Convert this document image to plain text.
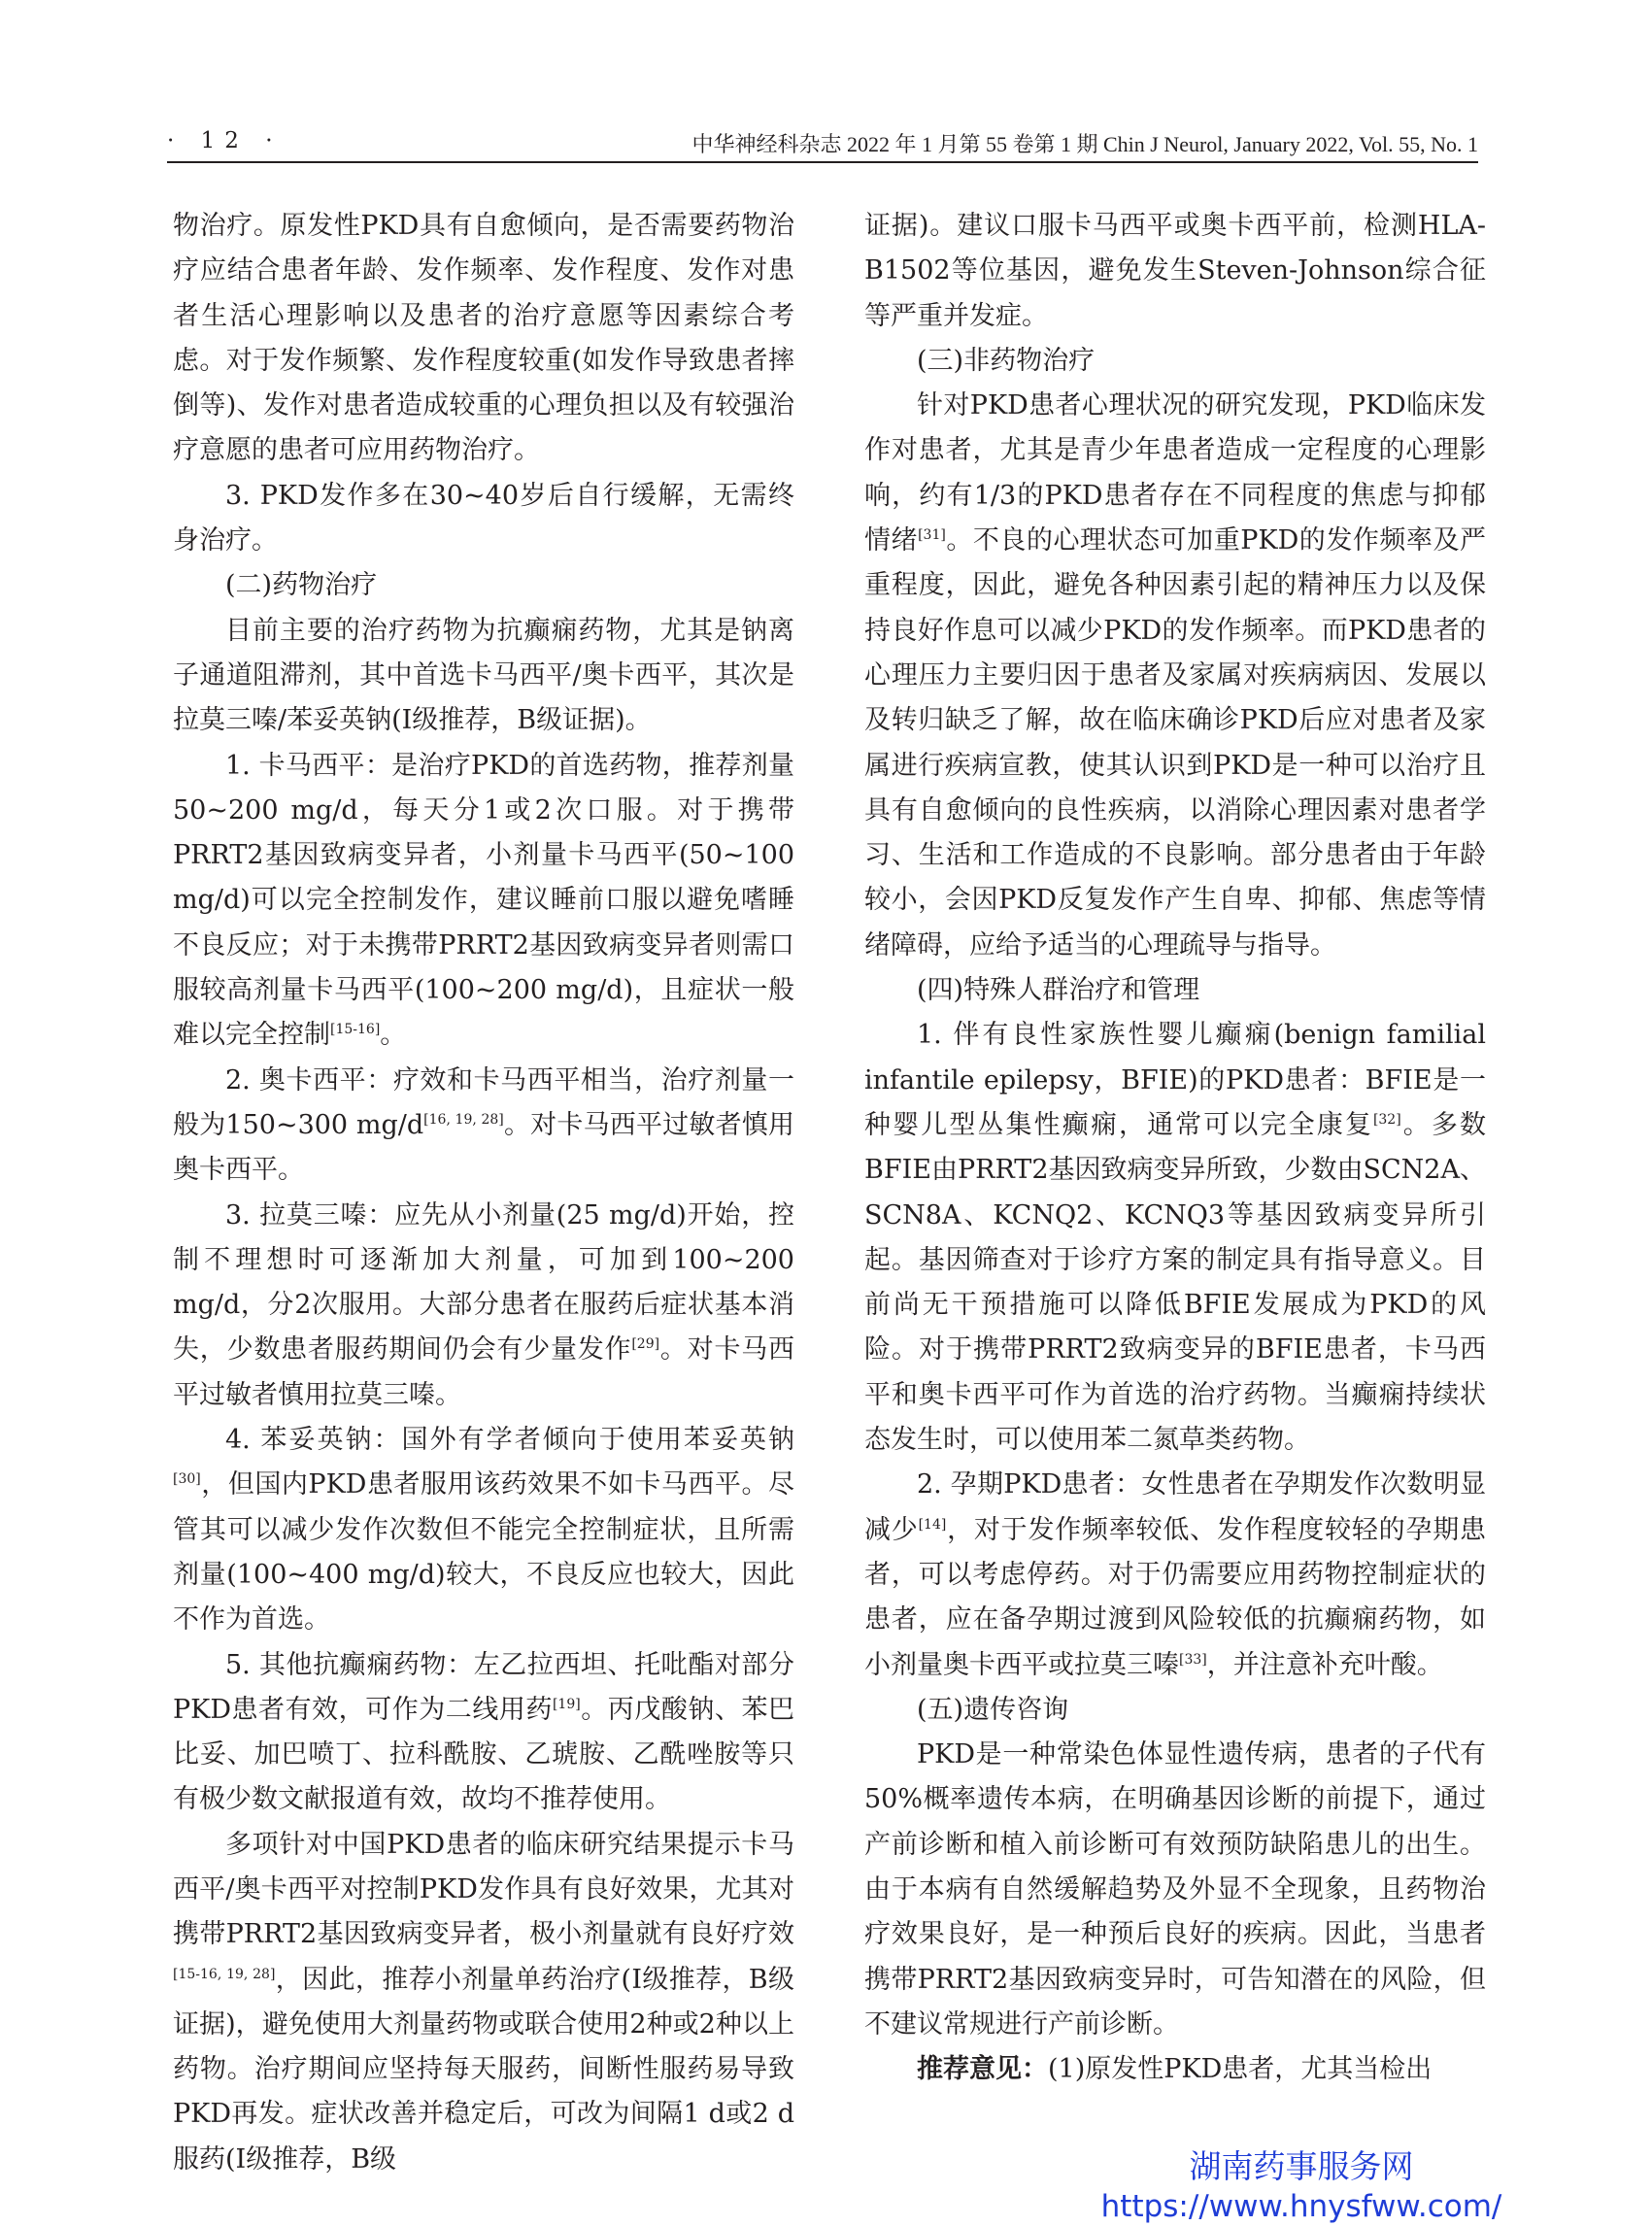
· 12 ·	中华神经科杂志 2022 年 1 月第 55 卷第 1 期 Chin J Neurol, January 2022, Vol. 55, No. 1

物治疗。原发性PKD具有自愈倾向，是否需要药物治疗应结合患者年龄、发作频率、发作程度、发作对患者生活心理影响以及患者的治疗意愿等因素综合考虑。对于发作频繁、发作程度较重(如发作导致患者摔倒等)、发作对患者造成较重的心理负担以及有较强治疗意愿的患者可应用药物治疗。

3. PKD发作多在30~40岁后自行缓解，无需终身治疗。

(二)药物治疗

目前主要的治疗药物为抗癫痫药物，尤其是钠离子通道阻滞剂，其中首选卡马西平/奥卡西平，其次是拉莫三嗪/苯妥英钠(Ⅰ级推荐，B级证据)。

1. 卡马西平：是治疗PKD的首选药物，推荐剂量50~200 mg/d，每天分1或2次口服。对于携带PRRT2基因致病变异者，小剂量卡马西平(50~100 mg/d)可以完全控制发作，建议睡前口服以避免嗜睡不良反应；对于未携带PRRT2基因致病变异者则需口服较高剂量卡马西平(100~200 mg/d)，且症状一般难以完全控制[15-16]。

2. 奥卡西平：疗效和卡马西平相当，治疗剂量一般为150~300 mg/d[16, 19, 28]。对卡马西平过敏者慎用奥卡西平。

3. 拉莫三嗪：应先从小剂量(25 mg/d)开始，控制不理想时可逐渐加大剂量，可加到100~200 mg/d，分2次服用。大部分患者在服药后症状基本消失，少数患者服药期间仍会有少量发作[29]。对卡马西平过敏者慎用拉莫三嗪。

4. 苯妥英钠：国外有学者倾向于使用苯妥英钠[30]，但国内PKD患者服用该药效果不如卡马西平。尽管其可以减少发作次数但不能完全控制症状，且所需剂量(100~400 mg/d)较大，不良反应也较大，因此不作为首选。

5. 其他抗癫痫药物：左乙拉西坦、托吡酯对部分PKD患者有效，可作为二线用药[19]。丙戊酸钠、苯巴比妥、加巴喷丁、拉科酰胺、乙琥胺、乙酰唑胺等只有极少数文献报道有效，故均不推荐使用。

多项针对中国PKD患者的临床研究结果提示卡马西平/奥卡西平对控制PKD发作具有良好效果，尤其对携带PRRT2基因致病变异者，极小剂量就有良好疗效[15-16, 19, 28]，因此，推荐小剂量单药治疗(Ⅰ级推荐，B级证据)，避免使用大剂量药物或联合使用2种或2种以上药物。治疗期间应坚持每天服药，间断性服药易导致PKD再发。症状改善并稳定后，可改为间隔1 d或2 d服药(Ⅰ级推荐，B级

证据)。建议口服卡马西平或奥卡西平前，检测HLA-B1502等位基因，避免发生Steven-Johnson综合征等严重并发症。

(三)非药物治疗

针对PKD患者心理状况的研究发现，PKD临床发作对患者，尤其是青少年患者造成一定程度的心理影响，约有1/3的PKD患者存在不同程度的焦虑与抑郁情绪[31]。不良的心理状态可加重PKD的发作频率及严重程度，因此，避免各种因素引起的精神压力以及保持良好作息可以减少PKD的发作频率。而PKD患者的心理压力主要归因于患者及家属对疾病病因、发展以及转归缺乏了解，故在临床确诊PKD后应对患者及家属进行疾病宣教，使其认识到PKD是一种可以治疗且具有自愈倾向的良性疾病，以消除心理因素对患者学习、生活和工作造成的不良影响。部分患者由于年龄较小，会因PKD反复发作产生自卑、抑郁、焦虑等情绪障碍，应给予适当的心理疏导与指导。

(四)特殊人群治疗和管理

1. 伴有良性家族性婴儿癫痫(benign familial infantile epilepsy，BFIE)的PKD患者：BFIE是一种婴儿型丛集性癫痫，通常可以完全康复[32]。多数BFIE由PRRT2基因致病变异所致，少数由SCN2A、SCN8A、KCNQ2、KCNQ3等基因致病变异所引起。基因筛查对于诊疗方案的制定具有指导意义。目前尚无干预措施可以降低BFIE发展成为PKD的风险。对于携带PRRT2致病变异的BFIE患者，卡马西平和奥卡西平可作为首选的治疗药物。当癫痫持续状态发生时，可以使用苯二氮草类药物。

2. 孕期PKD患者：女性患者在孕期发作次数明显减少[14]，对于发作频率较低、发作程度较轻的孕期患者，可以考虑停药。对于仍需要应用药物控制症状的患者，应在备孕期过渡到风险较低的抗癫痫药物，如小剂量奥卡西平或拉莫三嗪[33]，并注意补充叶酸。

(五)遗传咨询

PKD是一种常染色体显性遗传病，患者的子代有50%概率遗传本病，在明确基因诊断的前提下，通过产前诊断和植入前诊断可有效预防缺陷患儿的出生。由于本病有自然缓解趋势及外显不全现象，且药物治疗效果良好，是一种预后良好的疾病。因此，当患者携带PRRT2基因致病变异时，可告知潜在的风险，但不建议常规进行产前诊断。

推荐意见：(1)原发性PKD患者，尤其当检出

湖南药事服务网
https://www.hnysfww.com/
